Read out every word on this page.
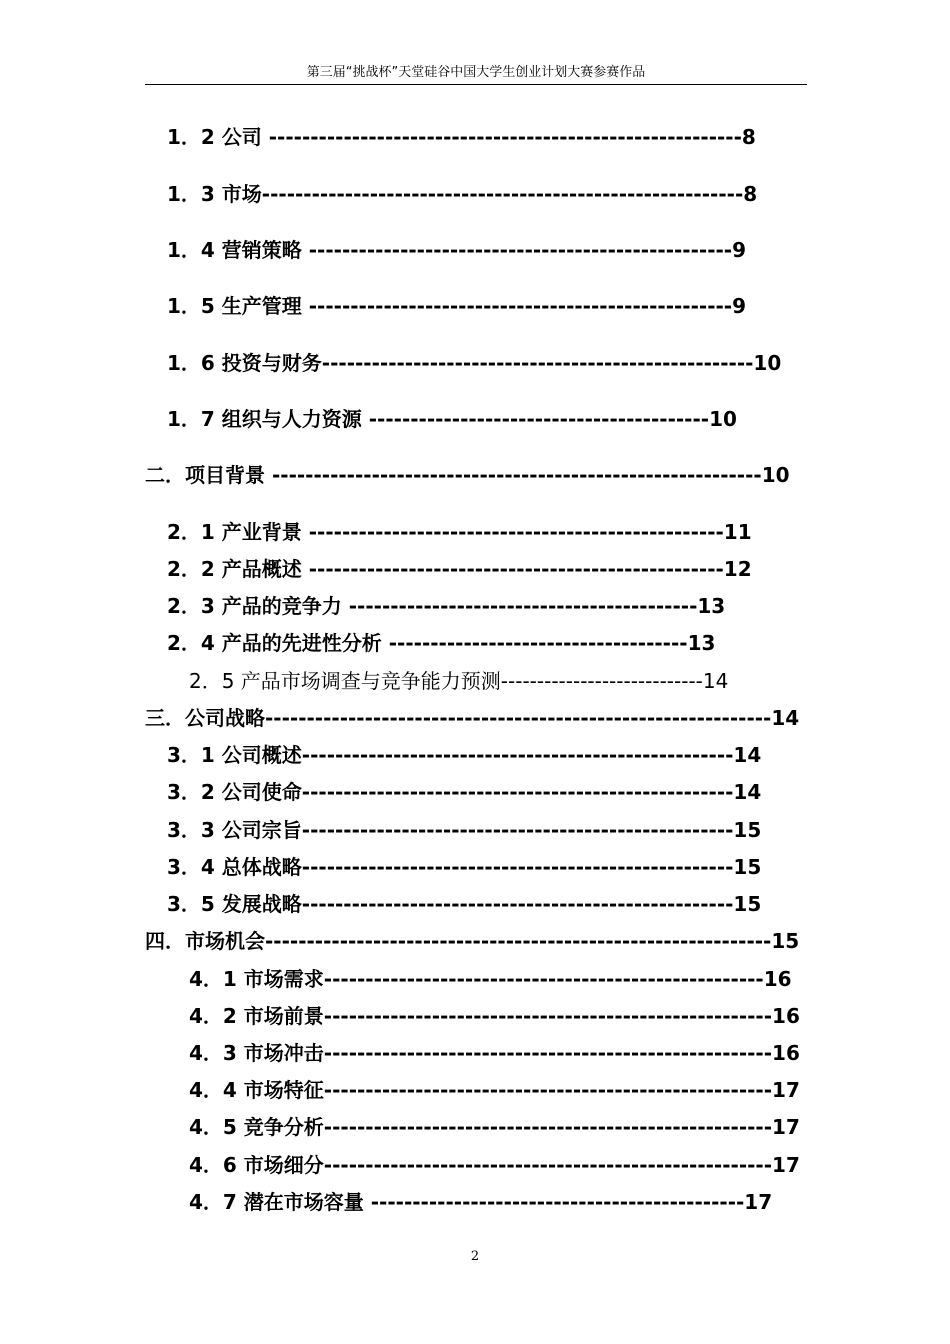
第三届“挑战杯”天堂硅谷中国大学生创业计划大赛参赛作品
1．2 公司 ---------------------------------------------------------8
1．3 市场----------------------------------------------------------8
1．4 营销策略 ---------------------------------------------------9
1．5 生产管理 ---------------------------------------------------9
1．6 投资与财务----------------------------------------------------10
1．7 组织与人力资源 -----------------------------------------10
二．项目背景 -----------------------------------------------------------10
2．1 产业背景 --------------------------------------------------11
2．2 产品概述 --------------------------------------------------12
2．3 产品的竞争力 ------------------------------------------13
2．4 产品的先进性分析 ------------------------------------13
2．5 产品市场调查与竞争能力预测----------------------------14
三．公司战略-------------------------------------------------------------14
3．1 公司概述----------------------------------------------------14
3．2 公司使命----------------------------------------------------14
3．3 公司宗旨----------------------------------------------------15
3．4 总体战略----------------------------------------------------15
3．5 发展战略----------------------------------------------------15
四．市场机会-------------------------------------------------------------15
4．1 市场需求-----------------------------------------------------16
4．2 市场前景------------------------------------------------------16
4．3 市场冲击------------------------------------------------------16
4．4 市场特征------------------------------------------------------17
4．5 竞争分析------------------------------------------------------17
4．6 市场细分------------------------------------------------------17
4．7 潜在市场容量 ---------------------------------------------17
2
